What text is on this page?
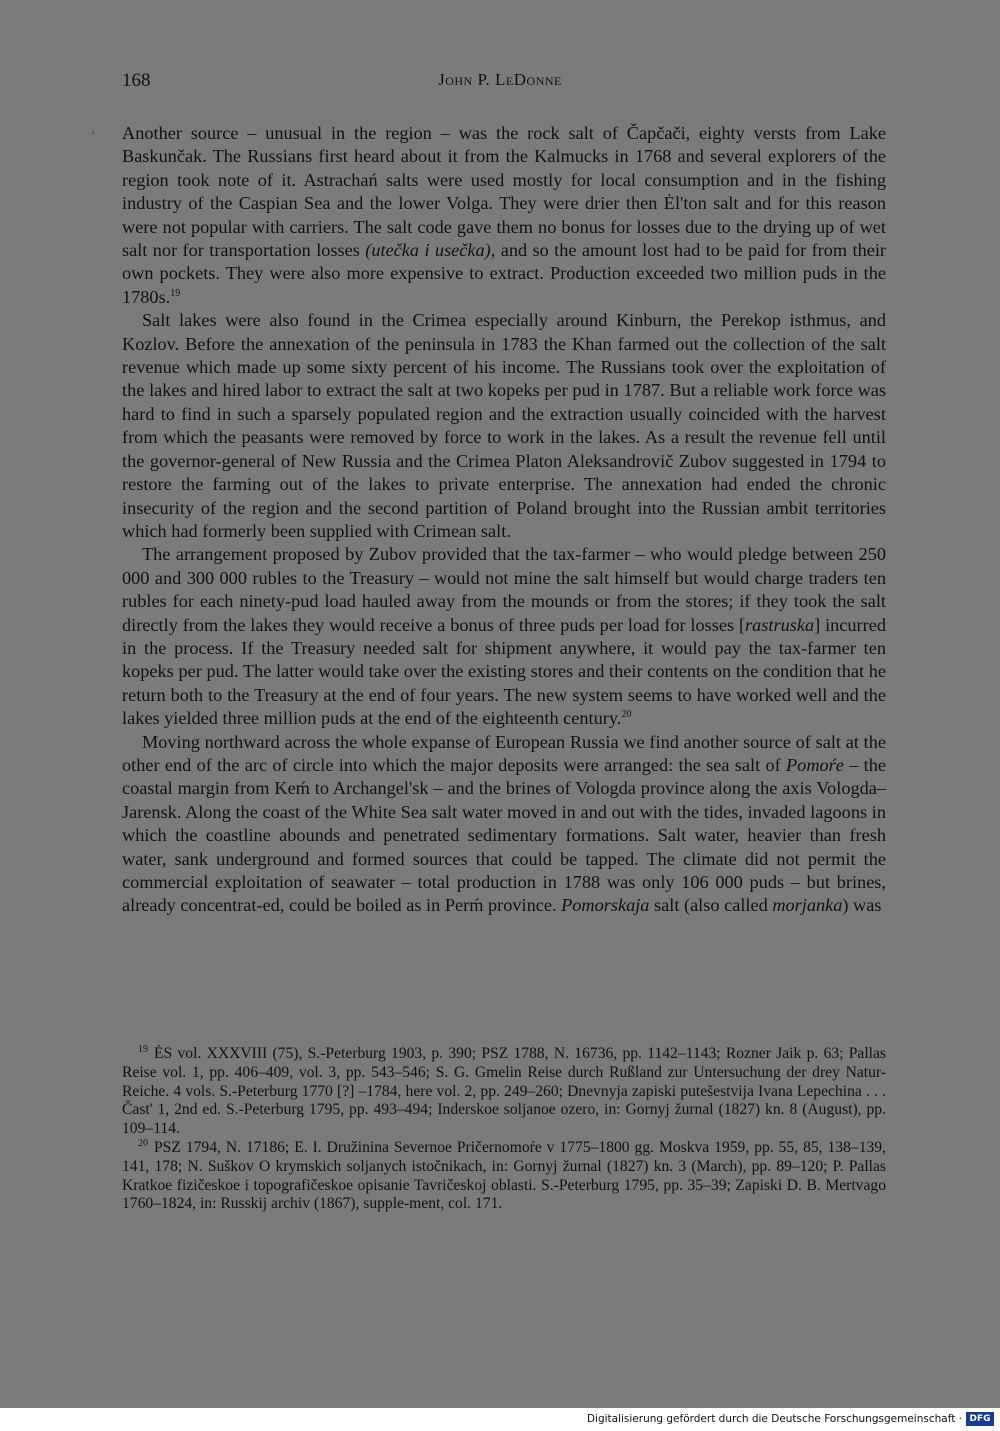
168	John P. LeDonne
' Another source – unusual in the region – was the rock salt of Čapčači, eighty versts from Lake Baskunčak. The Russians first heard about it from the Kalmucks in 1768 and several explorers of the region took note of it. Astrachań salts were used mostly for local consumption and in the fishing industry of the Caspian Sea and the lower Volga. They were drier then Ėl'ton salt and for this reason were not popular with carriers. The salt code gave them no bonus for losses due to the drying up of wet salt nor for transportation losses (utečka i usečka), and so the amount lost had to be paid for from their own pockets. They were also more expensive to extract. Production exceeded two million puds in the 1780s.$^{19}$

Salt lakes were also found in the Crimea especially around Kinburn, the Perekop isthmus, and Kozlov. Before the annexation of the peninsula in 1783 the Khan farmed out the collection of the salt revenue which made up some sixty percent of his income. The Russians took over the exploitation of the lakes and hired labor to extract the salt at two kopeks per pud in 1787. But a reliable work force was hard to find in such a sparsely populated region and the extraction usually coincided with the harvest from which the peasants were removed by force to work in the lakes. As a result the revenue fell until the governor-general of New Russia and the Crimea Platon Aleksandrovič Zubov suggested in 1794 to restore the farming out of the lakes to private enterprise. The annexation had ended the chronic insecurity of the region and the second partition of Poland brought into the Russian ambit territories which had formerly been supplied with Crimean salt.

The arrangement proposed by Zubov provided that the tax-farmer – who would pledge between 250 000 and 300 000 rubles to the Treasury – would not mine the salt himself but would charge traders ten rubles for each ninety-pud load hauled away from the mounds or from the stores; if they took the salt directly from the lakes they would receive a bonus of three puds per load for losses [rastruska] incurred in the process. If the Treasury needed salt for shipment anywhere, it would pay the tax-farmer ten kopeks per pud. The latter would take over the existing stores and their contents on the condition that he return both to the Treasury at the end of four years. The new system seems to have worked well and the lakes yielded three million puds at the end of the eighteenth century.$^{20}$

Moving northward across the whole expanse of European Russia we find another source of salt at the other end of the arc of circle into which the major deposits were arranged: the sea salt of Pomoŕe – the coastal margin from Keḿ to Archangel'sk – and the brines of Vologda province along the axis Vologda–Jarensk. Along the coast of the White Sea salt water moved in and out with the tides, invaded lagoons in which the coastline abounds and penetrated sedimentary formations. Salt water, heavier than fresh water, sank underground and formed sources that could be tapped. The climate did not permit the commercial exploitation of seawater – total production in 1788 was only 106 000 puds – but brines, already concentrat-ed, could be boiled as in Perḿ province. Pomorskaja salt (also called morjanka) was

$^{19}$ ĖS vol. XXXVIII (75), S.-Peterburg 1903, p. 390; PSZ 1788, N. 16736, pp. 1142–1143; Rozner Jaik p. 63; Pallas Reise vol. 1, pp. 406–409, vol. 3, pp. 543–546; S. G. Gmelin Reise durch Rußland zur Untersuchung der drey Natur-Reiche. 4 vols. S.-Peterburg 1770 [?] –1784, here vol. 2, pp. 249–260; Dnevnyja zapiski putešestvija Ivana Lepechina . . . Čast' 1, 2nd ed. S.-Peterburg 1795, pp. 493–494; Inderskoe soljanoe ozero, in: Gornyj žurnal (1827) kn. 8 (August), pp. 109–114.

$^{20}$ PSZ 1794, N. 17186; E. I. Družinina Severnoe Pričernomoŕe v 1775–1800 gg. Moskva 1959, pp. 55, 85, 138–139, 141, 178; N. Suškov O krymskich soljanych istočnikach, in: Gornyj žurnal (1827) kn. 3 (March), pp. 89–120; P. Pallas Kratkoe fizičeskoe i topografičeskoe opisanie Tavričeskoj oblasti. S.-Peterburg 1795, pp. 35–39; Zapiski D. B. Mertvago 1760–1824, in: Russkij archiv (1867), supple-ment, col. 171.

Digitalisierung gefördert durch die Deutsche Forschungsgemeinschaft · DFG
